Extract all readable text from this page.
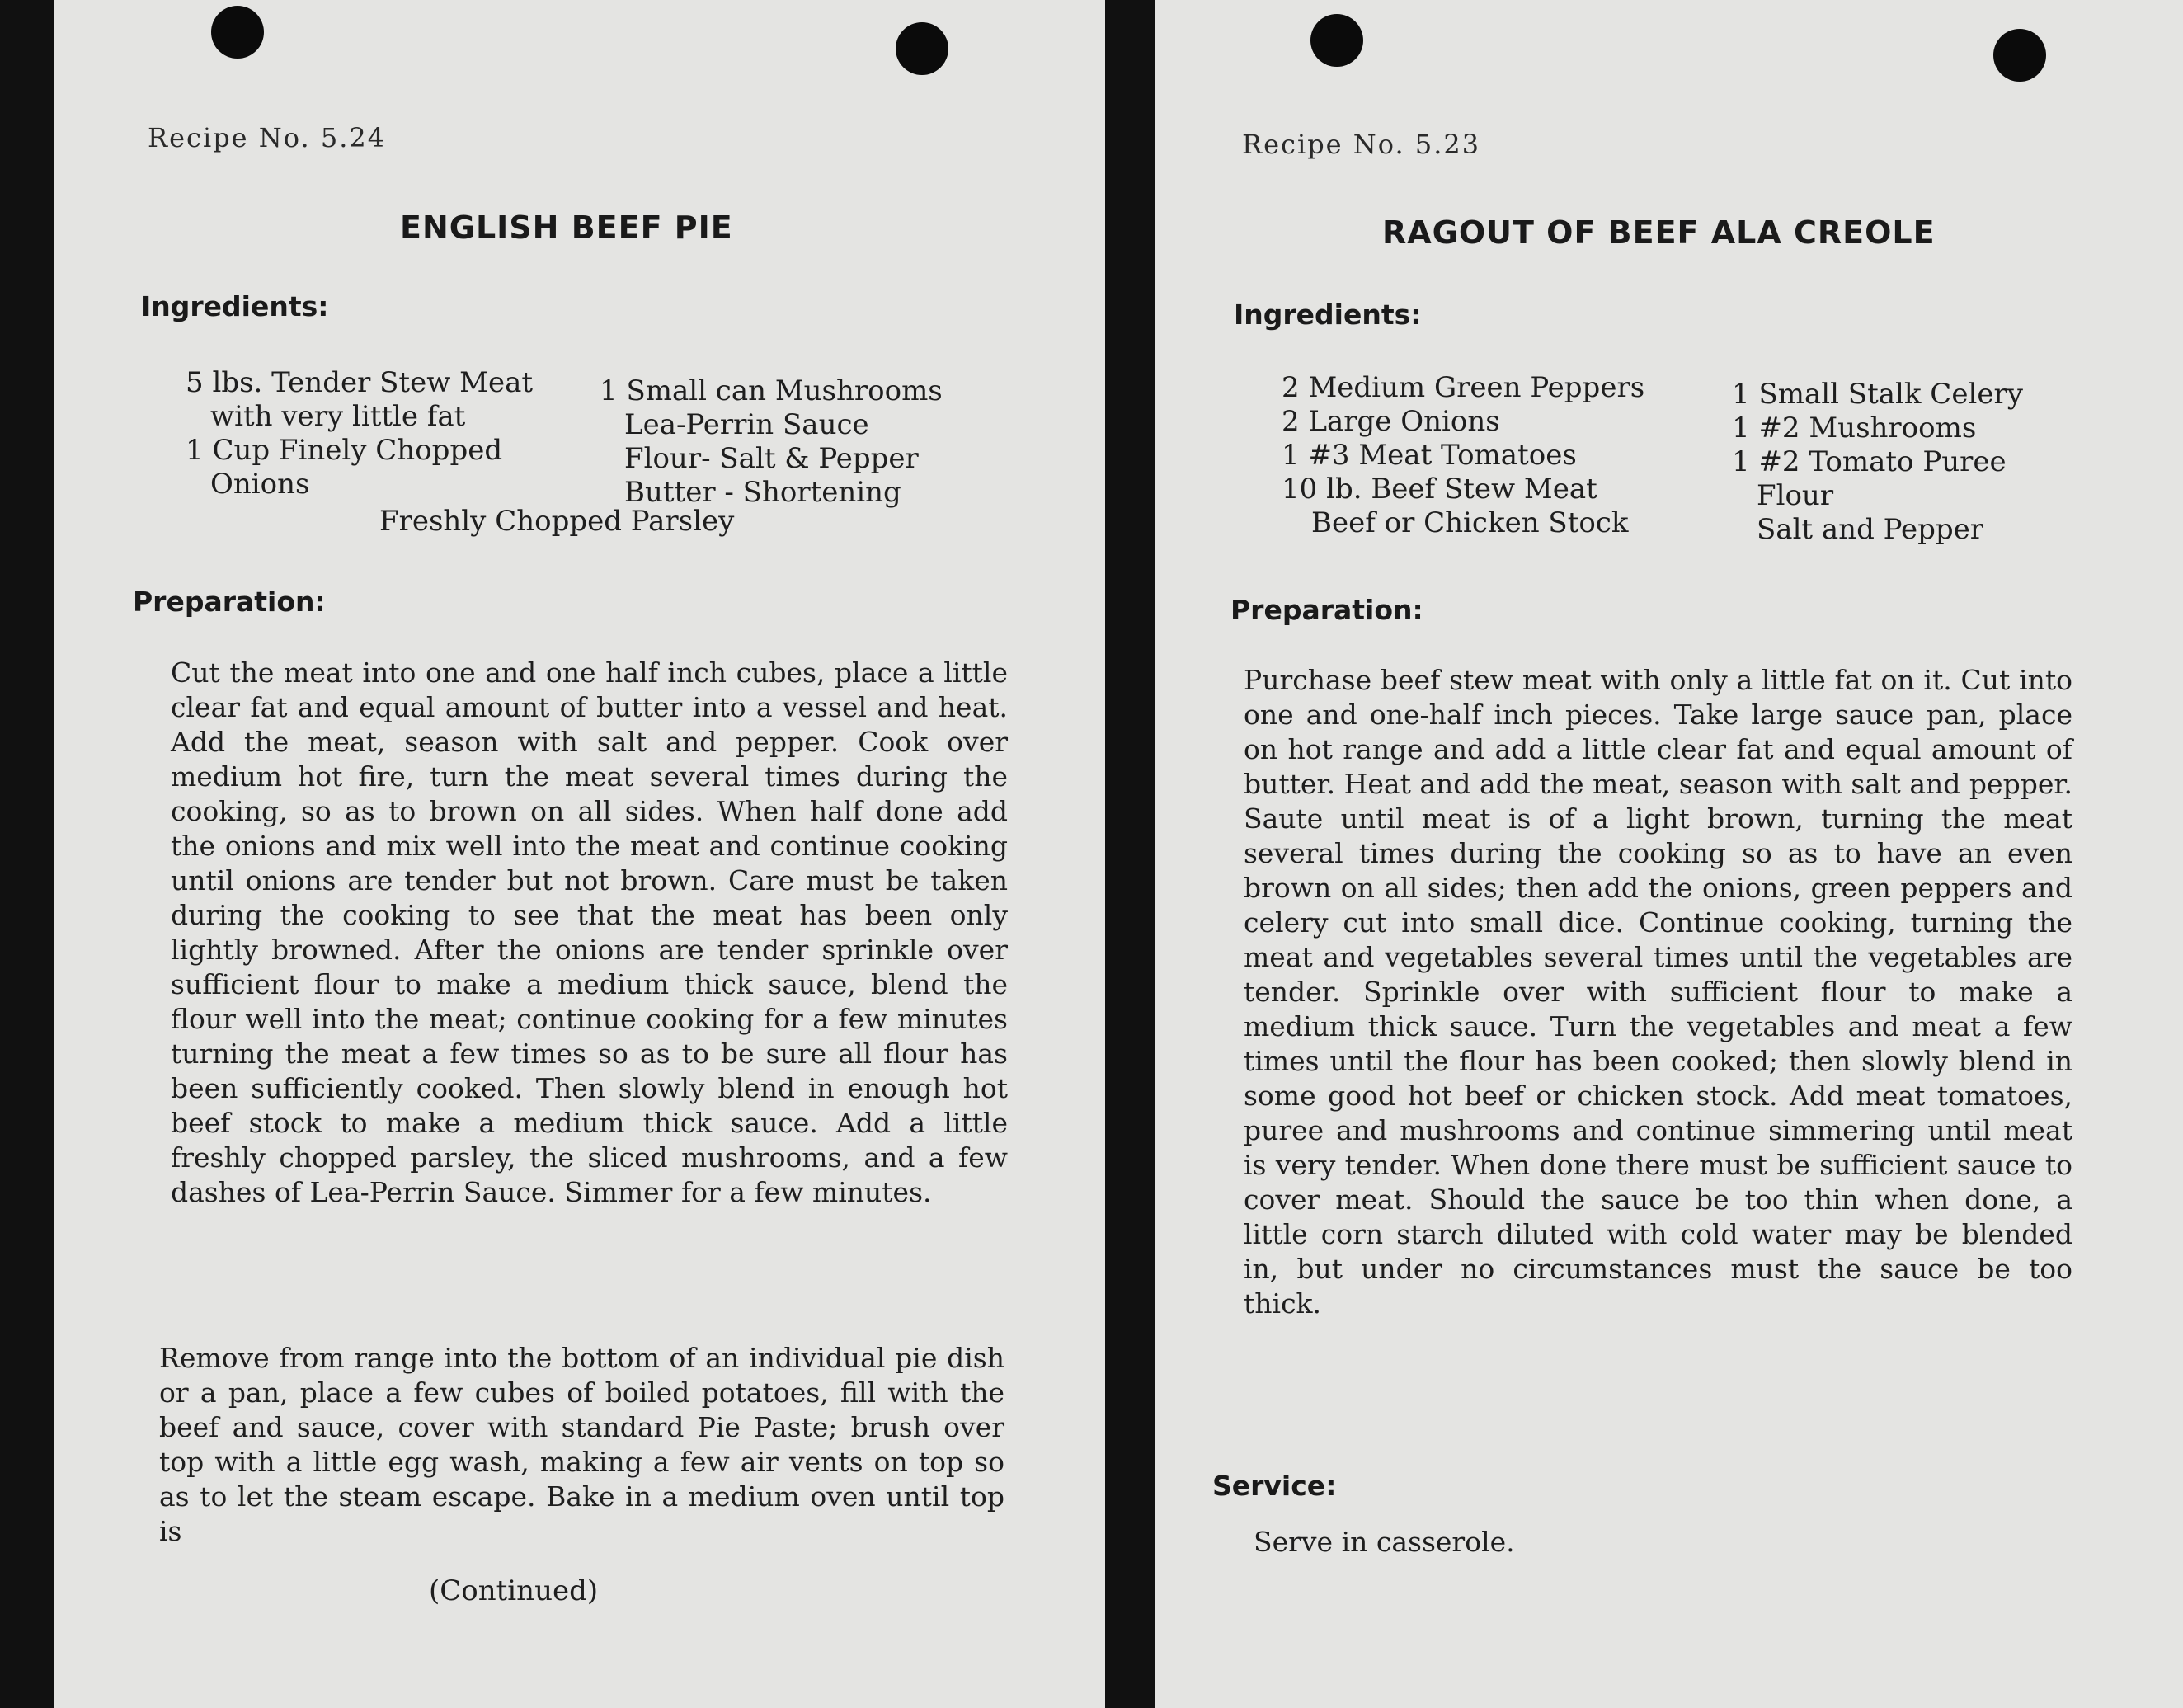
Recipe No. 5.24

ENGLISH BEEF PIE
Ingredients:
5 lbs. Tender Stew Meat
with very little fat
1 Cup Finely Chopped
Onions
1 Small can Mushrooms
Lea-Perrin Sauce
Flour- Salt & Pepper
Butter - Shortening

Freshly Chopped Parsley

Preparation:

Cut the meat into one and one half inch cubes, place a little clear fat and equal amount of butter into a vessel and heat. Add the meat, season with salt and pepper. Cook over medium hot fire, turn the meat several times during the cooking, so as to brown on all sides. When half done add the onions and mix well into the meat and continue cooking until onions are tender but not brown. Care must be taken during the cooking to see that the meat has been only lightly browned. After the onions are tender sprinkle over sufficient flour to make a medium thick sauce, blend the flour well into the meat; continue cooking for a few minutes turning the meat a few times so as to be sure all flour has been sufficiently cooked. Then slowly blend in enough hot beef stock to make a medium thick sauce. Add a little freshly chopped parsley, the sliced mushrooms, and a few dashes of Lea-Perrin Sauce. Simmer for a few minutes.

Remove from range into the bottom of an individual pie dish or a pan, place a few cubes of boiled potatoes, fill with the beef and sauce, cover with standard Pie Paste; brush over top with a little egg wash, making a few air vents on top so as to let the steam escape. Bake in a medium oven until top is

(Continued)

Recipe No. 5.23

RAGOUT OF BEEF ALA CREOLE
Ingredients:
2 Medium Green Peppers
2 Large Onions
1 #3 Meat Tomatoes
10 lb. Beef Stew Meat
Beef or Chicken Stock
1 Small Stalk Celery
1 #2 Mushrooms
1 #2 Tomato Puree
Flour
Salt and Pepper
Preparation:

Purchase beef stew meat with only a little fat on it. Cut into one and one-half inch pieces. Take large sauce pan, place on hot range and add a little clear fat and equal amount of butter. Heat and add the meat, season with salt and pepper. Saute until meat is of a light brown, turning the meat several times during the cooking so as to have an even brown on all sides; then add the onions, green peppers and celery cut into small dice. Continue cooking, turning the meat and vegetables several times until the vegetables are tender. Sprinkle over with sufficient flour to make a medium thick sauce. Turn the vegetables and meat a few times until the flour has been cooked; then slowly blend in some good hot beef or chicken stock. Add meat tomatoes, puree and mushrooms and continue simmering until meat is very tender. When done there must be sufficient sauce to cover meat. Should the sauce be too thin when done, a little corn starch diluted with cold water may be blended in, but under no circumstances must the sauce be too thick.

Service:

Serve in casserole.
